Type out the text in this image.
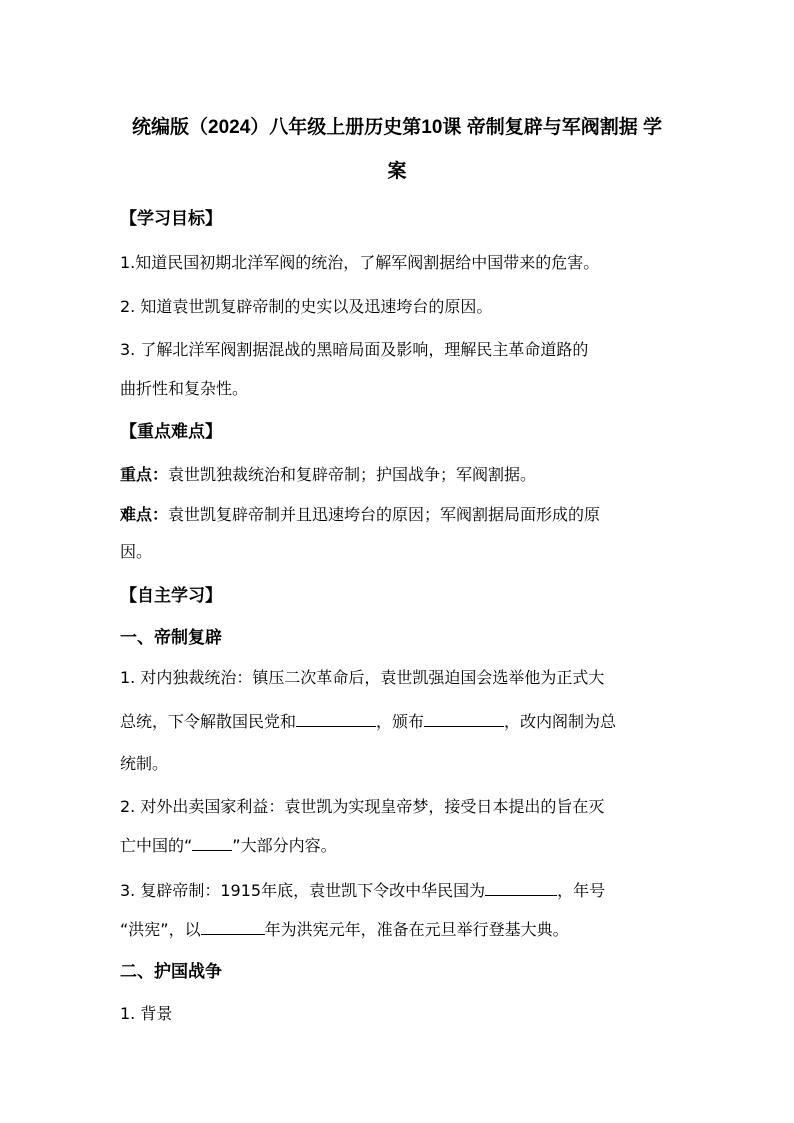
统编版（2024）八年级上册历史第10课 帝制复辟与军阀割据 学
案
【学习目标】
1.知道民国初期北洋军阀的统治，了解军阀割据给中国带来的危害。
2. 知道袁世凯复辟帝制的史实以及迅速垮台的原因。
3. 了解北洋军阀割据混战的黑暗局面及影响，理解民主革命道路的
曲折性和复杂性。
【重点难点】
重点：袁世凯独裁统治和复辟帝制；护国战争；军阀割据。
难点：袁世凯复辟帝制并且迅速垮台的原因；军阀割据局面形成的原
因。
【自主学习】
一、帝制复辟
1. 对内独裁统治：镇压二次革命后，袁世凯强迫国会选举他为正式大
总统，下令解散国民党和	，颁布	，改内阁制为总
统制。
2. 对外出卖国家利益：袁世凯为实现皇帝梦，接受日本提出的旨在灭
亡中国的“	”大部分内容。
3. 复辟帝制：1915年底，袁世凯下令改中华民国为	，年号
“洪宪”，以	年为洪宪元年，准备在元旦举行登基大典。
二、护国战争
1. 背景
